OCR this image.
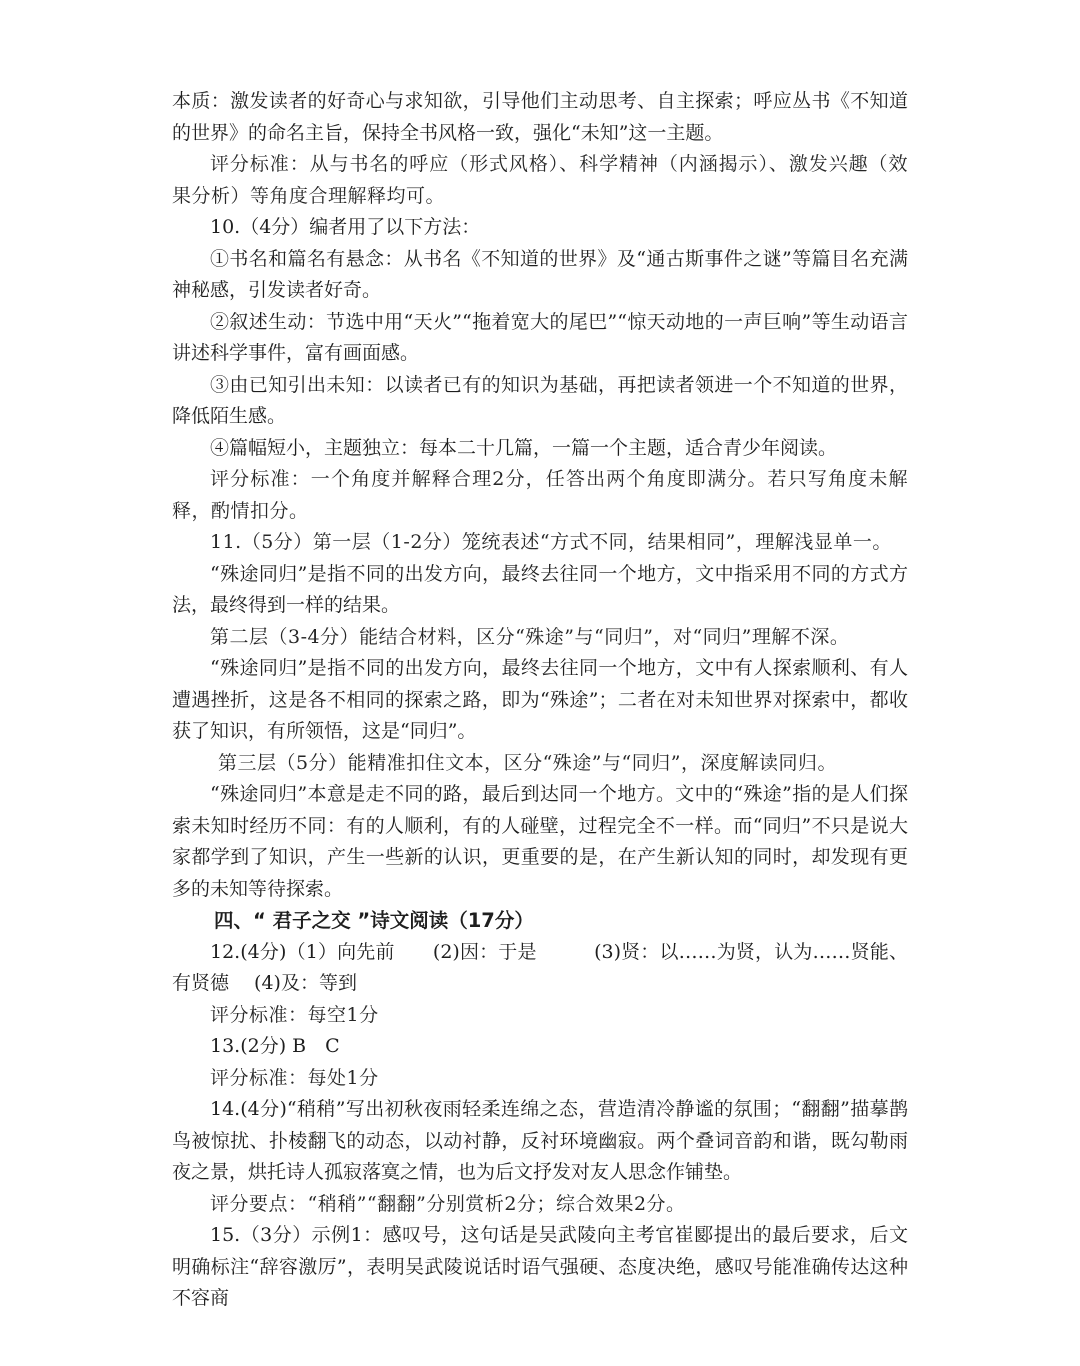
本质：激发读者的好奇心与求知欲，引导他们主动思考、自主探索；呼应丛书《不知道的世界》的命名主旨，保持全书风格一致，强化“未知”这一主题。

评分标准：从与书名的呼应（形式风格）、科学精神（内涵揭示）、激发兴趣（效果分析）等角度合理解释均可。

10.（4分）编者用了以下方法：

①书名和篇名有悬念：从书名《不知道的世界》及“通古斯事件之谜”等篇目名充满神秘感，引发读者好奇。

②叙述生动：节选中用“天火”“拖着宽大的尾巴”“惊天动地的一声巨响”等生动语言讲述科学事件，富有画面感。

③由已知引出未知：以读者已有的知识为基础，再把读者领进一个不知道的世界，降低陌生感。

④篇幅短小，主题独立：每本二十几篇，一篇一个主题，适合青少年阅读。

评分标准：一个角度并解释合理2分，任答出两个角度即满分。若只写角度未解释，酌情扣分。

11.（5分）第一层（1-2分）笼统表述“方式不同，结果相同”，理解浅显单一。

“殊途同归”是指不同的出发方向，最终去往同一个地方，文中指采用不同的方式方法，最终得到一样的结果。

第二层（3-4分）能结合材料，区分“殊途”与“同归”，对“同归”理解不深。

“殊途同归”是指不同的出发方向，最终去往同一个地方，文中有人探索顺利、有人遭遇挫折，这是各不相同的探索之路，即为“殊途”；二者在对未知世界对探索中，都收获了知识，有所领悟，这是“同归”。

第三层（5分）能精准扣住文本，区分“殊途”与“同归”，深度解读同归。

“殊途同归”本意是走不同的路，最后到达同一个地方。文中的“殊途”指的是人们探索未知时经历不同：有的人顺利，有的人碰壁，过程完全不一样。而“同归”不只是说大家都学到了知识，产生一些新的认识，更重要的是，在产生新认知的同时，却发现有更多的未知等待探索。

四、“ 君子之交 ”诗文阅读（17分）

12.(4分)（1）向先前　　(2)因：于是　　　(3)贤：以……为贤，认为……贤能、有贤德　 (4)及：等到

评分标准：每空1分

13.(2分) B　C

评分标准：每处1分

14.(4分)“稍稍”写出初秋夜雨轻柔连绵之态，营造清冷静谧的氛围；“翻翻”描摹鹊鸟被惊扰、扑棱翻飞的动态，以动衬静，反衬环境幽寂。两个叠词音韵和谐，既勾勒雨夜之景，烘托诗人孤寂落寞之情，也为后文抒发对友人思念作铺垫。

评分要点：“稍稍”“翻翻”分别赏析2分；综合效果2分。

15.（3分）示例1：感叹号，这句话是吴武陵向主考官崔郾提出的最后要求，后文明确标注“辞容激厉”，表明吴武陵说话时语气强硬、态度决绝，感叹号能准确传达这种不容商
